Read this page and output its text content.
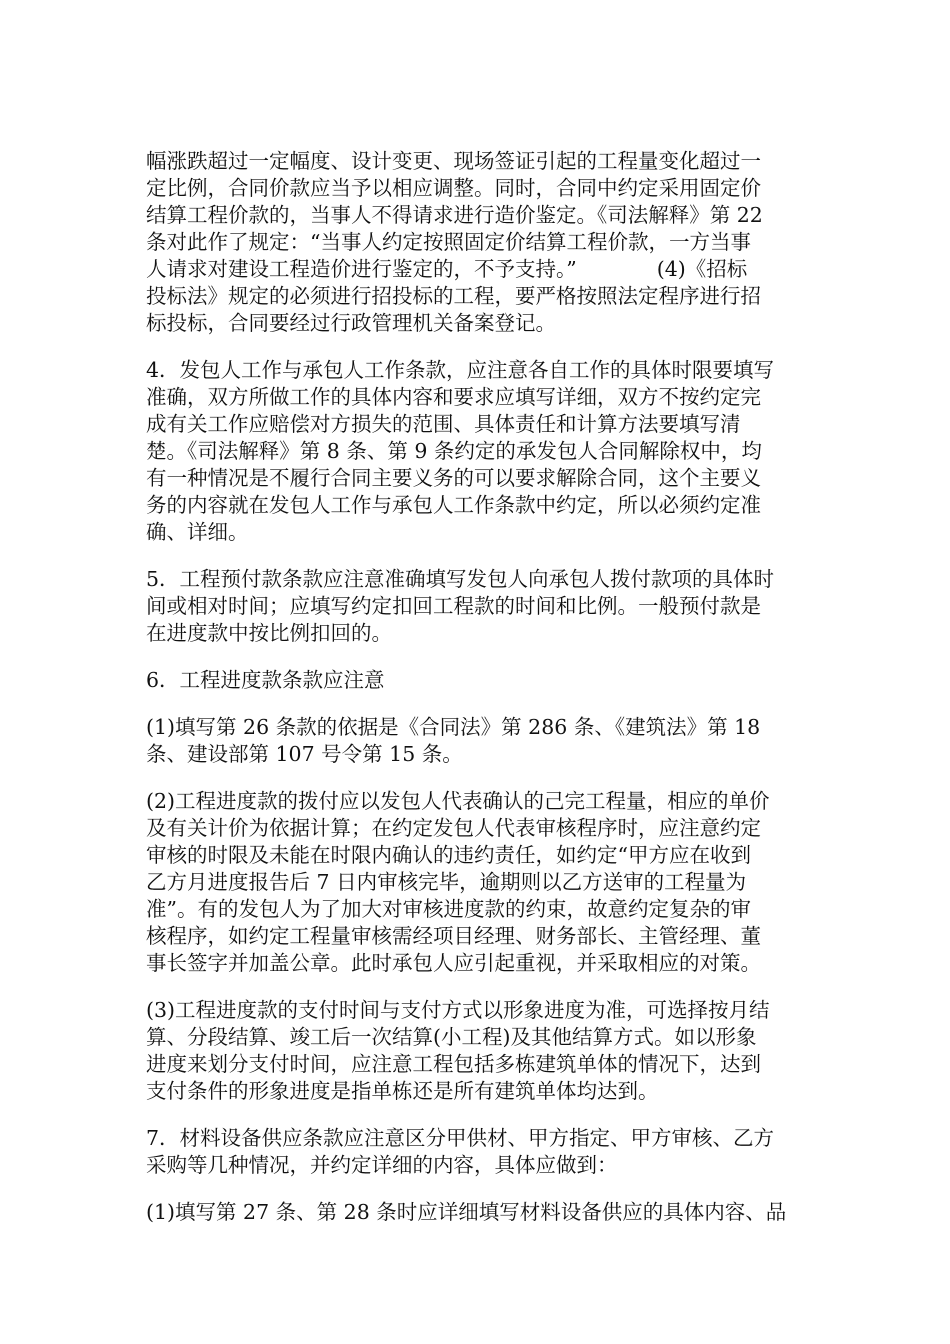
幅涨跌超过一定幅度、设计变更、现场签证引起的工程量变化超过一
定比例，合同价款应当予以相应调整。同时，合同中约定采用固定价
结算工程价款的，当事人不得请求进行造价鉴定。《司法解释》第 22
条对此作了规定：“当事人约定按照固定价结算工程价款，一方当事
人请求对建设工程造价进行鉴定的，不予支持。”	(4)《招标
投标法》规定的必须进行招投标的工程，要严格按照法定程序进行招
标投标，合同要经过行政管理机关备案登记。

4．发包人工作与承包人工作条款，应注意各自工作的具体时限要填写
准确，双方所做工作的具体内容和要求应填写详细，双方不按约定完
成有关工作应赔偿对方损失的范围、具体责任和计算方法要填写清
楚。《司法解释》第 8 条、第 9 条约定的承发包人合同解除权中，均
有一种情况是不履行合同主要义务的可以要求解除合同，这个主要义
务的内容就在发包人工作与承包人工作条款中约定，所以必须约定准
确、详细。

5．工程预付款条款应注意准确填写发包人向承包人拨付款项的具体时
间或相对时间；应填写约定扣回工程款的时间和比例。一般预付款是
在进度款中按比例扣回的。

6．工程进度款条款应注意

(1)填写第 26 条款的依据是《合同法》第 286 条、《建筑法》第 18
条、建设部第 107 号令第 15 条。

(2)工程进度款的拨付应以发包人代表确认的己完工程量，相应的单价
及有关计价为依据计算；在约定发包人代表审核程序时，应注意约定
审核的时限及未能在时限内确认的违约责任，如约定“甲方应在收到
乙方月进度报告后 7 日内审核完毕，逾期则以乙方送审的工程量为
准”。有的发包人为了加大对审核进度款的约束，故意约定复杂的审
核程序，如约定工程量审核需经项目经理、财务部长、主管经理、董
事长签字并加盖公章。此时承包人应引起重视，并采取相应的对策。

(3)工程进度款的支付时间与支付方式以形象进度为准，可选择按月结
算、分段结算、竣工后一次结算(小工程)及其他结算方式。如以形象
进度来划分支付时间，应注意工程包括多栋建筑单体的情况下，达到
支付条件的形象进度是指单栋还是所有建筑单体均达到。

7．材料设备供应条款应注意区分甲供材、甲方指定、甲方审核、乙方
采购等几种情况，并约定详细的内容，具体应做到：

(1)填写第 27 条、第 28 条时应详细填写材料设备供应的具体内容、品
